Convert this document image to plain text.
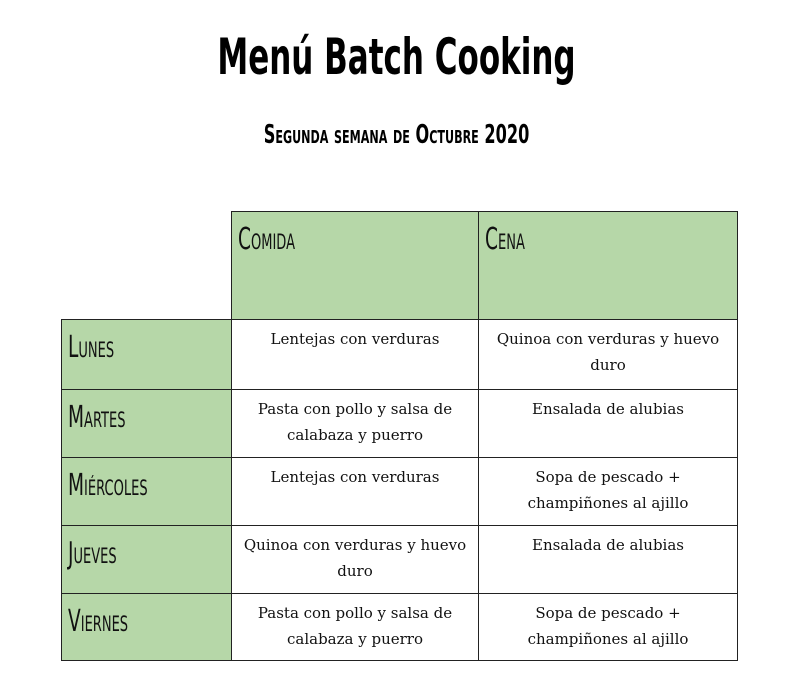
Menú Batch Cooking
Segunda semana de Octubre 2020

	Comida	Cena

Lunes	Lentejas con verduras	Quinoa con verduras y huevo duro

Martes	Pasta con pollo y salsa de calabaza y puerro	Ensalada de alubias

Miércoles	Lentejas con verduras	Sopa de pescado + champiñones al ajillo

Jueves	Quinoa con verduras y huevo duro	Ensalada de alubias

Viernes	Pasta con pollo y salsa de calabaza y puerro	Sopa de pescado + champiñones al ajillo
